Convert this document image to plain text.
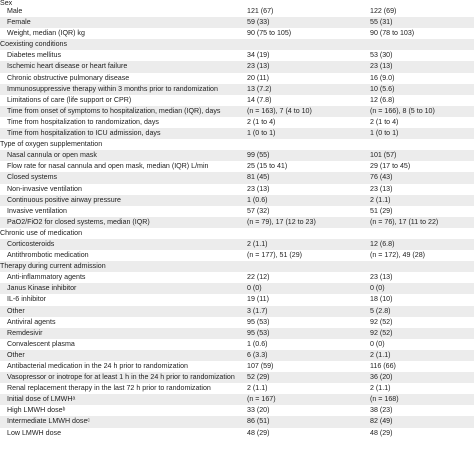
Sex
Male	121 (67)	122 (69)
Female	59 (33)	55 (31)
Weight, median (IQR) kg	90 (75 to 105)	90 (78 to 103)
Coexisting conditions
Diabetes mellitus	34 (19)	53 (30)
Ischemic heart disease or heart failure	23 (13)	23 (13)
Chronic obstructive pulmonary disease	20 (11)	16 (9.0)
Immunosuppressive therapy within 3 months prior to randomization	13 (7.2)	10 (5.6)
Limitations of care (life support or CPR)	14 (7.8)	12 (6.8)
Time from onset of symptoms to hospitalization, median (IQR), days	(n = 163), 7 (4 to 10)	(n = 166), 8 (5 to 10)
Time from hospitalization to randomization, days	2 (1 to 4)	2 (1 to 4)
Time from hospitalization to ICU admission, days	1 (0 to 1)	1 (0 to 1)
Type of oxygen supplementation
Nasal cannula or open mask	99 (55)	101 (57)
Flow rate for nasal cannula and open mask, median (IQR) L/min	25 (15 to 41)	29 (17 to 45)
Closed systems	81 (45)	76 (43)
Non-invasive ventilation	23 (13)	23 (13)
Continuous positive airway pressure	1 (0.6)	2 (1.1)
Invasive ventilation	57 (32)	51 (29)
PaO2/FiO2 for closed systems, median (IQR)	(n = 79), 17 (12 to 23)	(n = 76), 17 (11 to 22)
Chronic use of medication
Corticosteroids	2 (1.1)	12 (6.8)
Antithrombotic medication	(n = 177), 51 (29)	(n = 172), 49 (28)
Therapy during current admission
Anti-inflammatory agents	22 (12)	23 (13)
Janus Kinase inhibitor	0 (0)	0 (0)
IL-6 inhibitor	19 (11)	18 (10)
Other	3 (1.7)	5 (2.8)
Antiviral agents	95 (53)	92 (52)
Remdesivir	95 (53)	92 (52)
Convalescent plasma	1 (0.6)	0 (0)
Other	6 (3.3)	2 (1.1)
Antibacterial medication in the 24 h prior to randomization	107 (59)	116 (66)
Vasopressor or inotrope for at least 1 h in the 24 h prior to randomization	52 (29)	36 (20)
Renal replacement therapy in the last 72 h prior to randomization	2 (1.1)	2 (1.1)
Initial dose of LMWHᵃ	(n = 167)	(n = 168)
High LMWH doseᵇ	33 (20)	38 (23)
Intermediate LMWH doseᶜ	86 (51)	82 (49)
Low LMWH dose	48 (29)	48 (29)
